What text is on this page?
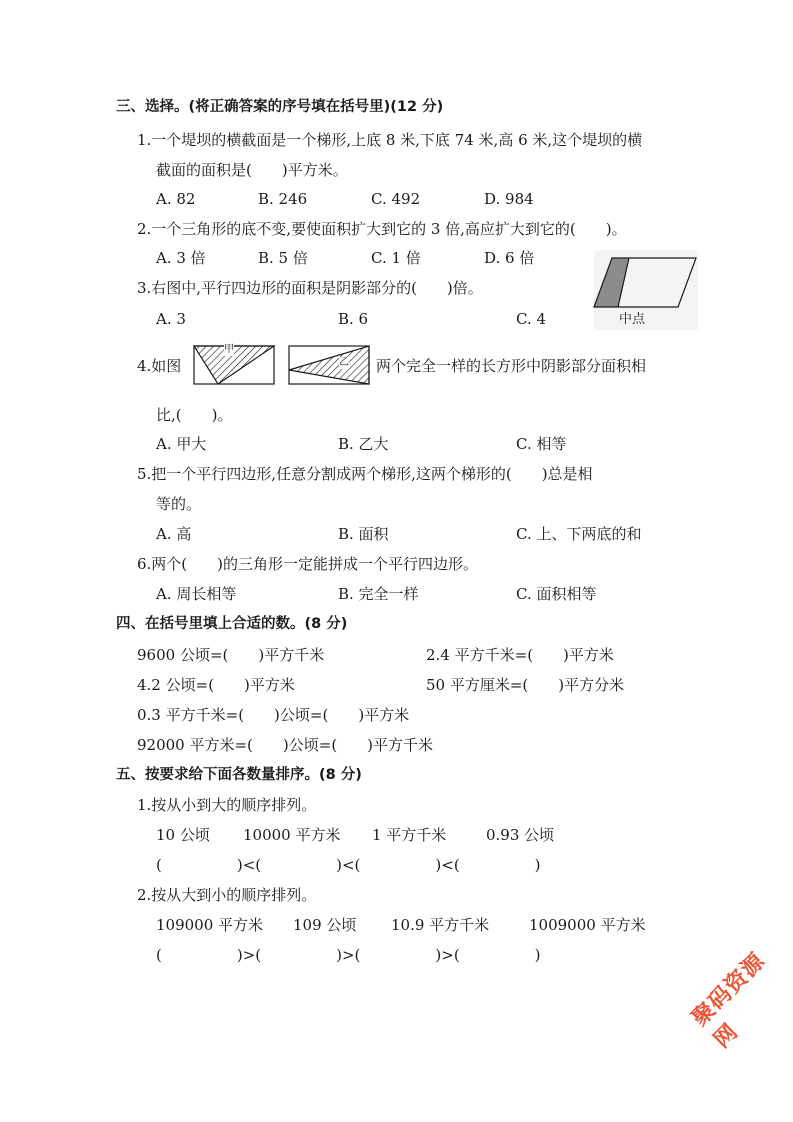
三、选择。(将正确答案的序号填在括号里)(12 分)
1.一个堤坝的横截面是一个梯形,上底 8 米,下底 74 米,高 6 米,这个堤坝的横
截面的面积是(　　)平方米。
A. 82	B. 246	C. 492	D. 984
2.一个三角形的底不变,要使面积扩大到它的 3 倍,高应扩大到它的(　　)。
A. 3 倍	B. 5 倍	C. 1 倍	D. 6 倍
3.右图中,平行四边形的面积是阴影部分的(　　)倍。
A. 3	B. 6	C. 4	中点
4.如图
甲
乙 两个完全一样的长方形中阴影部分面积相
比,(　　)。
A. 甲大	B. 乙大	C. 相等
5.把一个平行四边形,任意分割成两个梯形,这两个梯形的(　　)总是相
等的。
A. 高	B. 面积	C. 上、下两底的和
6.两个(　　)的三角形一定能拼成一个平行四边形。
A. 周长相等	B. 完全一样	C. 面积相等
四、在括号里填上合适的数。(8 分)
9600 公顷=(　　)平方千米	2.4 平方千米=(　　)平方米
4.2 公顷=(　　)平方米	50 平方厘米=(　　)平方分米
0.3 平方千米=(　　)公顷=(　　)平方米
92000 平方米=(　　)公顷=(　　)平方千米
五、按要求给下面各数量排序。(8 分)
1.按从小到大的顺序排列。
10 公顷 10000 平方米 1 平方千米	0.93 公顷
(　　　　　)<(　　　　　)<(　　　　　)<(　　　　　)
2.按从大到小的顺序排列。
109000 平方米 109 公顷 10.9 平方千米	1009000 平方米
(　　　　　)>(　　　　　)>(　　　　　)>(　　　　　)	聚码资源网
